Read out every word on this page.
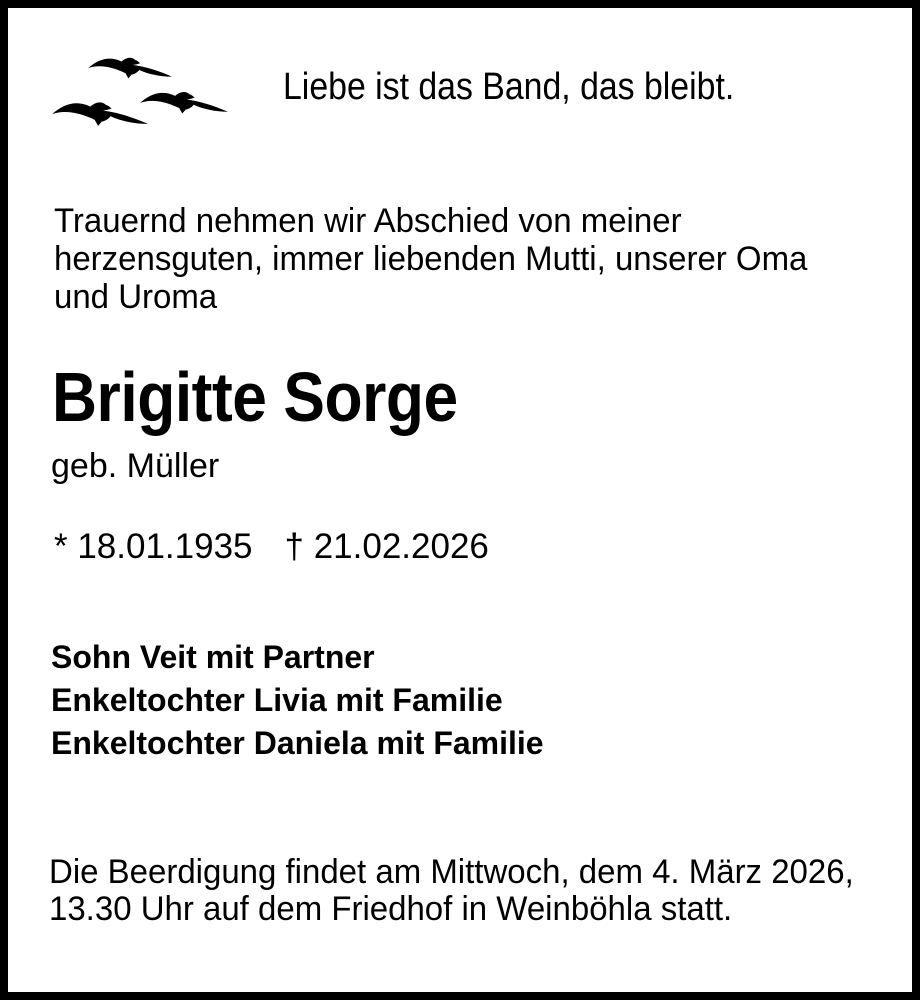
Liebe ist das Band, das bleibt.
Trauernd nehmen wir Abschied von meiner
herzensguten, immer liebenden Mutti, unserer Oma
und Uroma
Brigitte Sorge
geb. Müller
* 18.01.1935 † 21.02.2026
Sohn Veit mit Partner
Enkeltochter Livia mit Familie
Enkeltochter Daniela mit Familie
Die Beerdigung findet am Mittwoch, dem 4. März 2026,
13.30 Uhr auf dem Friedhof in Weinböhla statt.
